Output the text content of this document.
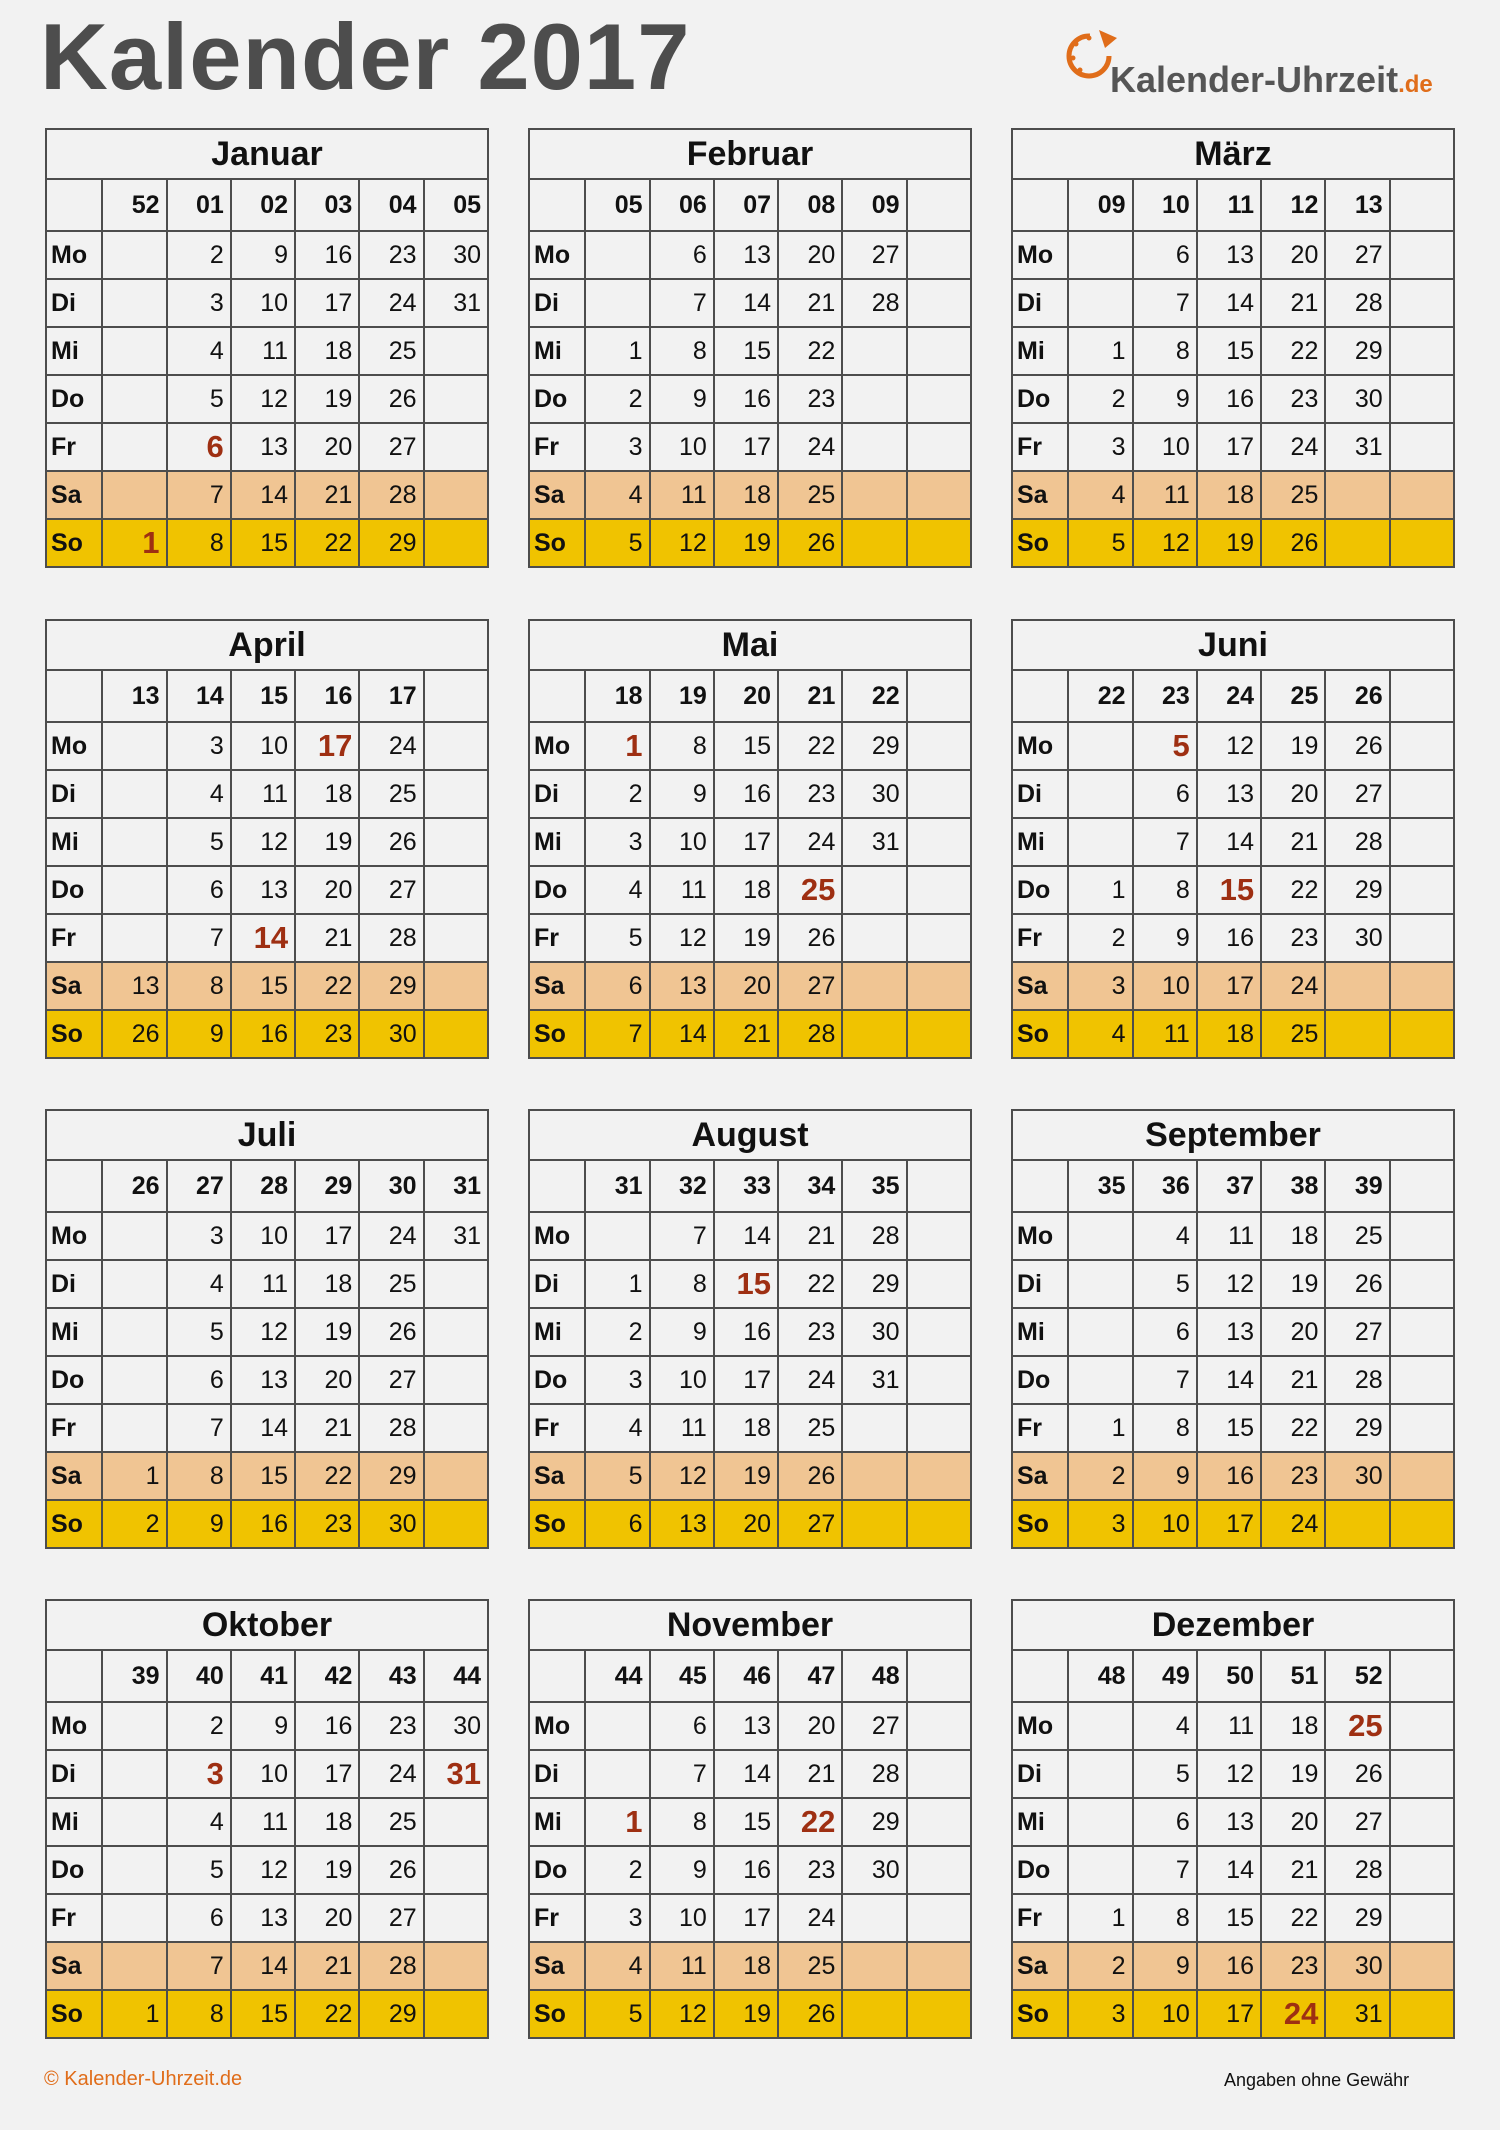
Kalender 2017	Kalender-Uhrzeit.de
Januar						
	52	01	02	03	04	05
Mo		2	9	16	23	30
Di		3	10	17	24	31
Mi		4	11	18	25	
Do		5	12	19	26	
Fr		6	13	20	27	
Sa		7	14	21	28	
So	1	8	15	22	29	
Februar						
	05	06	07	08	09	
Mo		6	13	20	27	
Di		7	14	21	28	
Mi	1	8	15	22		
Do	2	9	16	23		
Fr	3	10	17	24		
Sa	4	11	18	25		
So	5	12	19	26		
März						
	09	10	11	12	13	
Mo		6	13	20	27	
Di		7	14	21	28	
Mi	1	8	15	22	29	
Do	2	9	16	23	30	
Fr	3	10	17	24	31	
Sa	4	11	18	25		
So	5	12	19	26		
April						
	13	14	15	16	17	
Mo		3	10	17	24	
Di		4	11	18	25	
Mi		5	12	19	26	
Do		6	13	20	27	
Fr		7	14	21	28	
Sa	13	8	15	22	29	
So	26	9	16	23	30	
Mai						
	18	19	20	21	22	
Mo	1	8	15	22	29	
Di	2	9	16	23	30	
Mi	3	10	17	24	31	
Do	4	11	18	25		
Fr	5	12	19	26		
Sa	6	13	20	27		
So	7	14	21	28		
Juni						
	22	23	24	25	26	
Mo		5	12	19	26	
Di		6	13	20	27	
Mi		7	14	21	28	
Do	1	8	15	22	29	
Fr	2	9	16	23	30	
Sa	3	10	17	24		
So	4	11	18	25		
Juli						
	26	27	28	29	30	31
Mo		3	10	17	24	31
Di		4	11	18	25	
Mi		5	12	19	26	
Do		6	13	20	27	
Fr		7	14	21	28	
Sa	1	8	15	22	29	
So	2	9	16	23	30	
August						
	31	32	33	34	35	
Mo		7	14	21	28	
Di	1	8	15	22	29	
Mi	2	9	16	23	30	
Do	3	10	17	24	31	
Fr	4	11	18	25		
Sa	5	12	19	26		
So	6	13	20	27		
September						
	35	36	37	38	39	
Mo		4	11	18	25	
Di		5	12	19	26	
Mi		6	13	20	27	
Do		7	14	21	28	
Fr	1	8	15	22	29	
Sa	2	9	16	23	30	
So	3	10	17	24		
Oktober						
	39	40	41	42	43	44
Mo		2	9	16	23	30
Di		3	10	17	24	31
Mi		4	11	18	25	
Do		5	12	19	26	
Fr		6	13	20	27	
Sa		7	14	21	28	
So	1	8	15	22	29	
November						
	44	45	46	47	48	
Mo		6	13	20	27	
Di		7	14	21	28	
Mi	1	8	15	22	29	
Do	2	9	16	23	30	
Fr	3	10	17	24		
Sa	4	11	18	25		
So	5	12	19	26		
Dezember						
	48	49	50	51	52	
Mo		4	11	18	25	
Di		5	12	19	26	
Mi		6	13	20	27	
Do		7	14	21	28	
Fr	1	8	15	22	29	
Sa	2	9	16	23	30	
So	3	10	17	24	31	
© Kalender-Uhrzeit.de	Angaben ohne Gewähr
